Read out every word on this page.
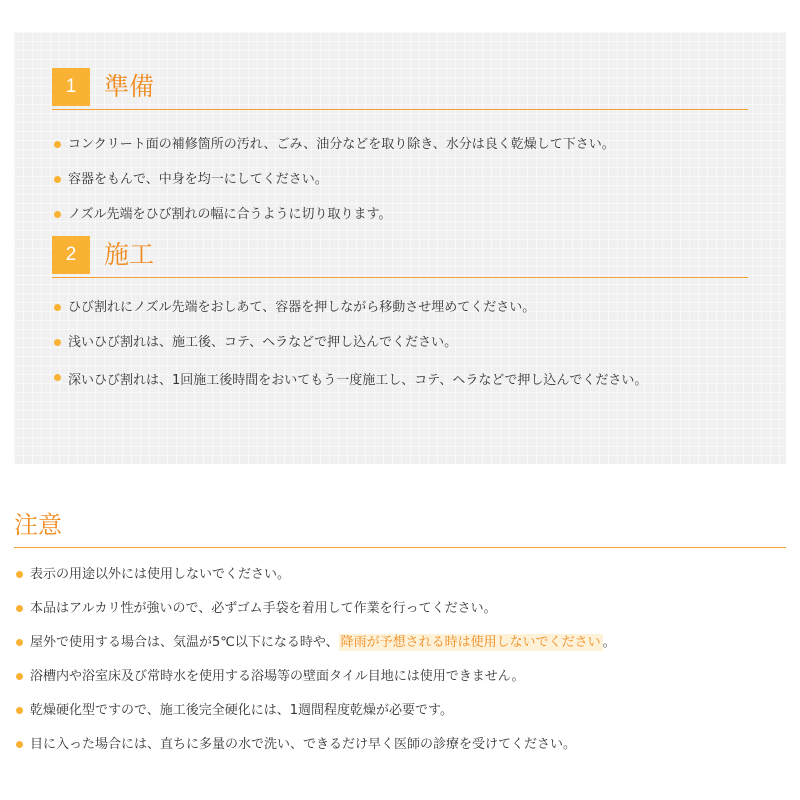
1	準備
コンクリート面の補修箇所の汚れ、ごみ、油分などを取り除き、水分は良く乾燥して下さい。
容器をもんで、中身を均一にしてください。
ノズル先端をひび割れの幅に合うように切り取ります。
2	施工
ひび割れにノズル先端をおしあて、容器を押しながら移動させ埋めてください。
浅いひび割れは、施工後、コテ、ヘラなどで押し込んでください。
深いひび割れは、1回施工後時間をおいてもう一度施工し、コテ、ヘラなどで押し込んでください。
注意
表示の用途以外には使用しないでください。
本品はアルカリ性が強いので、必ずゴム手袋を着用して作業を行ってください。
屋外で使用する場合は、気温が5℃以下になる時や、 降雨が予想される時は使用しないでください 。
浴槽内や浴室床及び常時水を使用する浴場等の壁面タイル目地には使用できません。
乾燥硬化型ですので、施工後完全硬化には、1週間程度乾燥が必要です。
目に入った場合には、直ちに多量の水で洗い、できるだけ早く医師の診療を受けてください。
